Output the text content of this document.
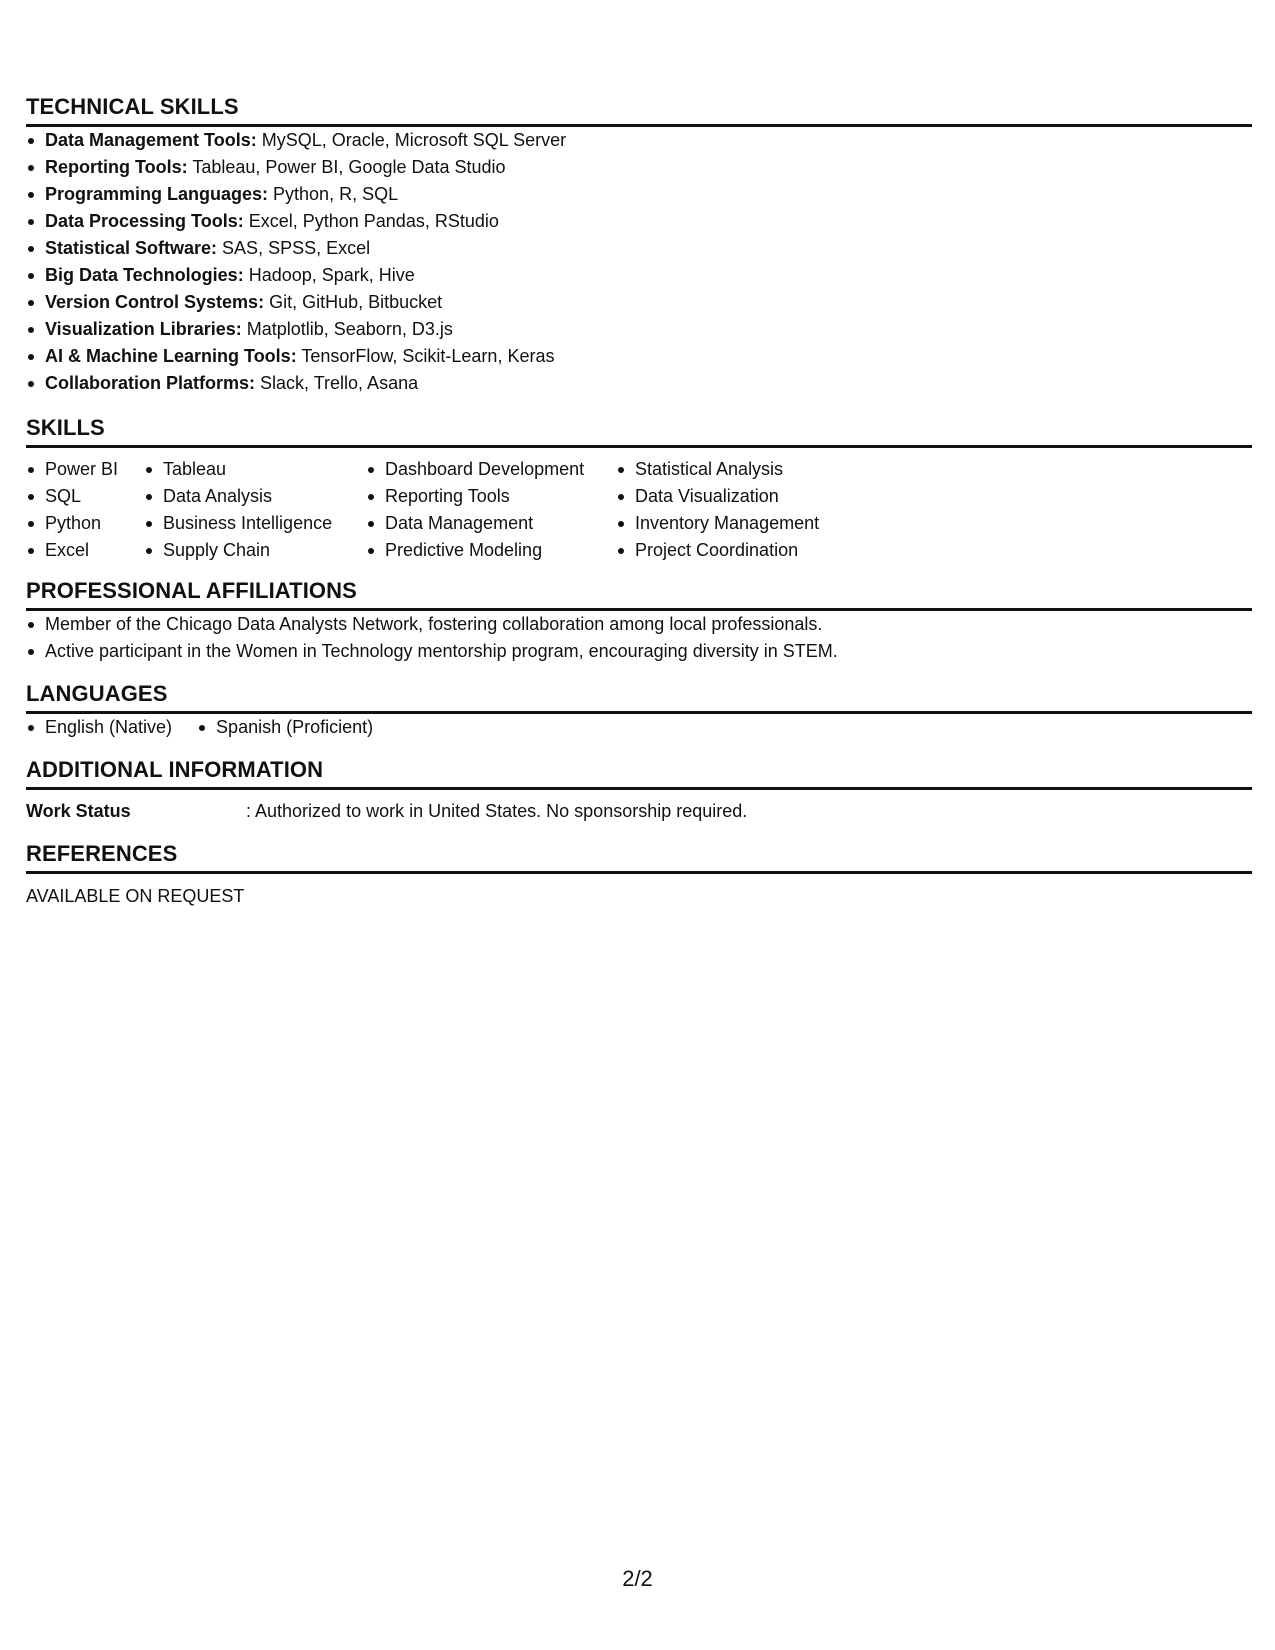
TECHNICAL SKILLS
Data Management Tools: MySQL, Oracle, Microsoft SQL Server
Reporting Tools: Tableau, Power BI, Google Data Studio
Programming Languages: Python, R, SQL
Data Processing Tools: Excel, Python Pandas, RStudio
Statistical Software: SAS, SPSS, Excel
Big Data Technologies: Hadoop, Spark, Hive
Version Control Systems: Git, GitHub, Bitbucket
Visualization Libraries: Matplotlib, Seaborn, D3.js
AI & Machine Learning Tools: TensorFlow, Scikit-Learn, Keras
Collaboration Platforms: Slack, Trello, Asana
SKILLS
Power BI
SQL
Python
Excel
Tableau
Data Analysis
Business Intelligence
Supply Chain
Dashboard Development
Reporting Tools
Data Management
Predictive Modeling
Statistical Analysis
Data Visualization
Inventory Management
Project Coordination
PROFESSIONAL AFFILIATIONS
Member of the Chicago Data Analysts Network, fostering collaboration among local professionals.
Active participant in the Women in Technology mentorship program, encouraging diversity in STEM.
LANGUAGES
English (Native)	Spanish (Proficient)
ADDITIONAL INFORMATION
Work Status	: Authorized to work in United States. No sponsorship required.
REFERENCES
AVAILABLE ON REQUEST
2/2
